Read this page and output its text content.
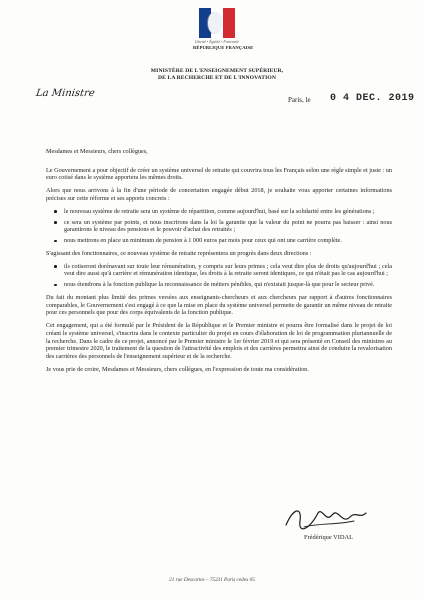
Liberté • Égalité • Fraternité
RÉPUBLIQUE FRANÇAISE
MINISTÈRE DE L'ENSEIGNEMENT SUPÉRIEUR,
DE LA RECHERCHE ET DE L'INNOVATION
La Ministre
Paris, le 0 4 DEC. 2019

Mesdames et Messieurs, chers collègues,

Le Gouvernement a pour objectif de créer un système universel de retraite qui couvrira tous les Français selon une règle simple et juste : un euro cotisé dans le système apportera les mêmes droits.

Alors que nous arrivons à la fin d'une période de concertation engagée début 2018, je souhaite vous apporter certaines informations précises sur cette réforme et ses apports concrets :

le nouveau système de retraite sera un système de répartition, comme aujourd'hui, basé sur la solidarité entre les générations ;
ce sera un système par points, et nous inscrirons dans la loi la garantie que la valeur du point ne pourra pas baisser : ainsi nous garantirons le niveau des pensions et le pouvoir d'achat des retraités ;
nous mettrons en place un minimum de pension à 1 000 euros par mois pour ceux qui ont une carrière complète.

S'agissant des fonctionnaires, ce nouveau système de retraite représentera un progrès dans deux directions :

ils cotiseront dorénavant sur toute leur rémunération, y compris sur leurs primes ; cela veut dire plus de droits qu'aujourd'hui ; cela veut dire aussi qu'à carrière et rémunération identique, les droits à la retraite seront identiques, ce qui n'était pas le cas aujourd'hui ;
nous étendrons à la fonction publique la reconnaissance de métiers pénibles, qui n'existait jusque-là que pour le secteur privé.

Du fait du montant plus limité des primes versées aux enseignants-chercheurs et aux chercheurs par rapport à d'autres fonctionnaires comparables, le Gouvernement s'est engagé à ce que la mise en place du système universel permette de garantir un même niveau de retraite pour ces personnels que pour des corps équivalents de la fonction publique.

Cet engagement, qui a été formulé par le Président de la République et le Premier ministre et pourra être formalisé dans le projet de loi créant le système universel, s'inscrira dans le contexte particulier du projet en cours d'élaboration de loi de programmation pluriannuelle de la recherche. Dans le cadre de ce projet, annoncé par le Premier ministre le 1er février 2019 et qui sera présenté en Conseil des ministres au premier trimestre 2020, le traitement de la question de l'attractivité des emplois et des carrières permettra ainsi de conduire la revalorisation des carrières des personnels de l'enseignement supérieur et de la recherche.

Je vous prie de croire, Mesdames et Messieurs, chers collègues, en l'expression de toute ma considération.

Frédérique VIDAL
21 rue Descartes – 75231 Paris cedex 05
